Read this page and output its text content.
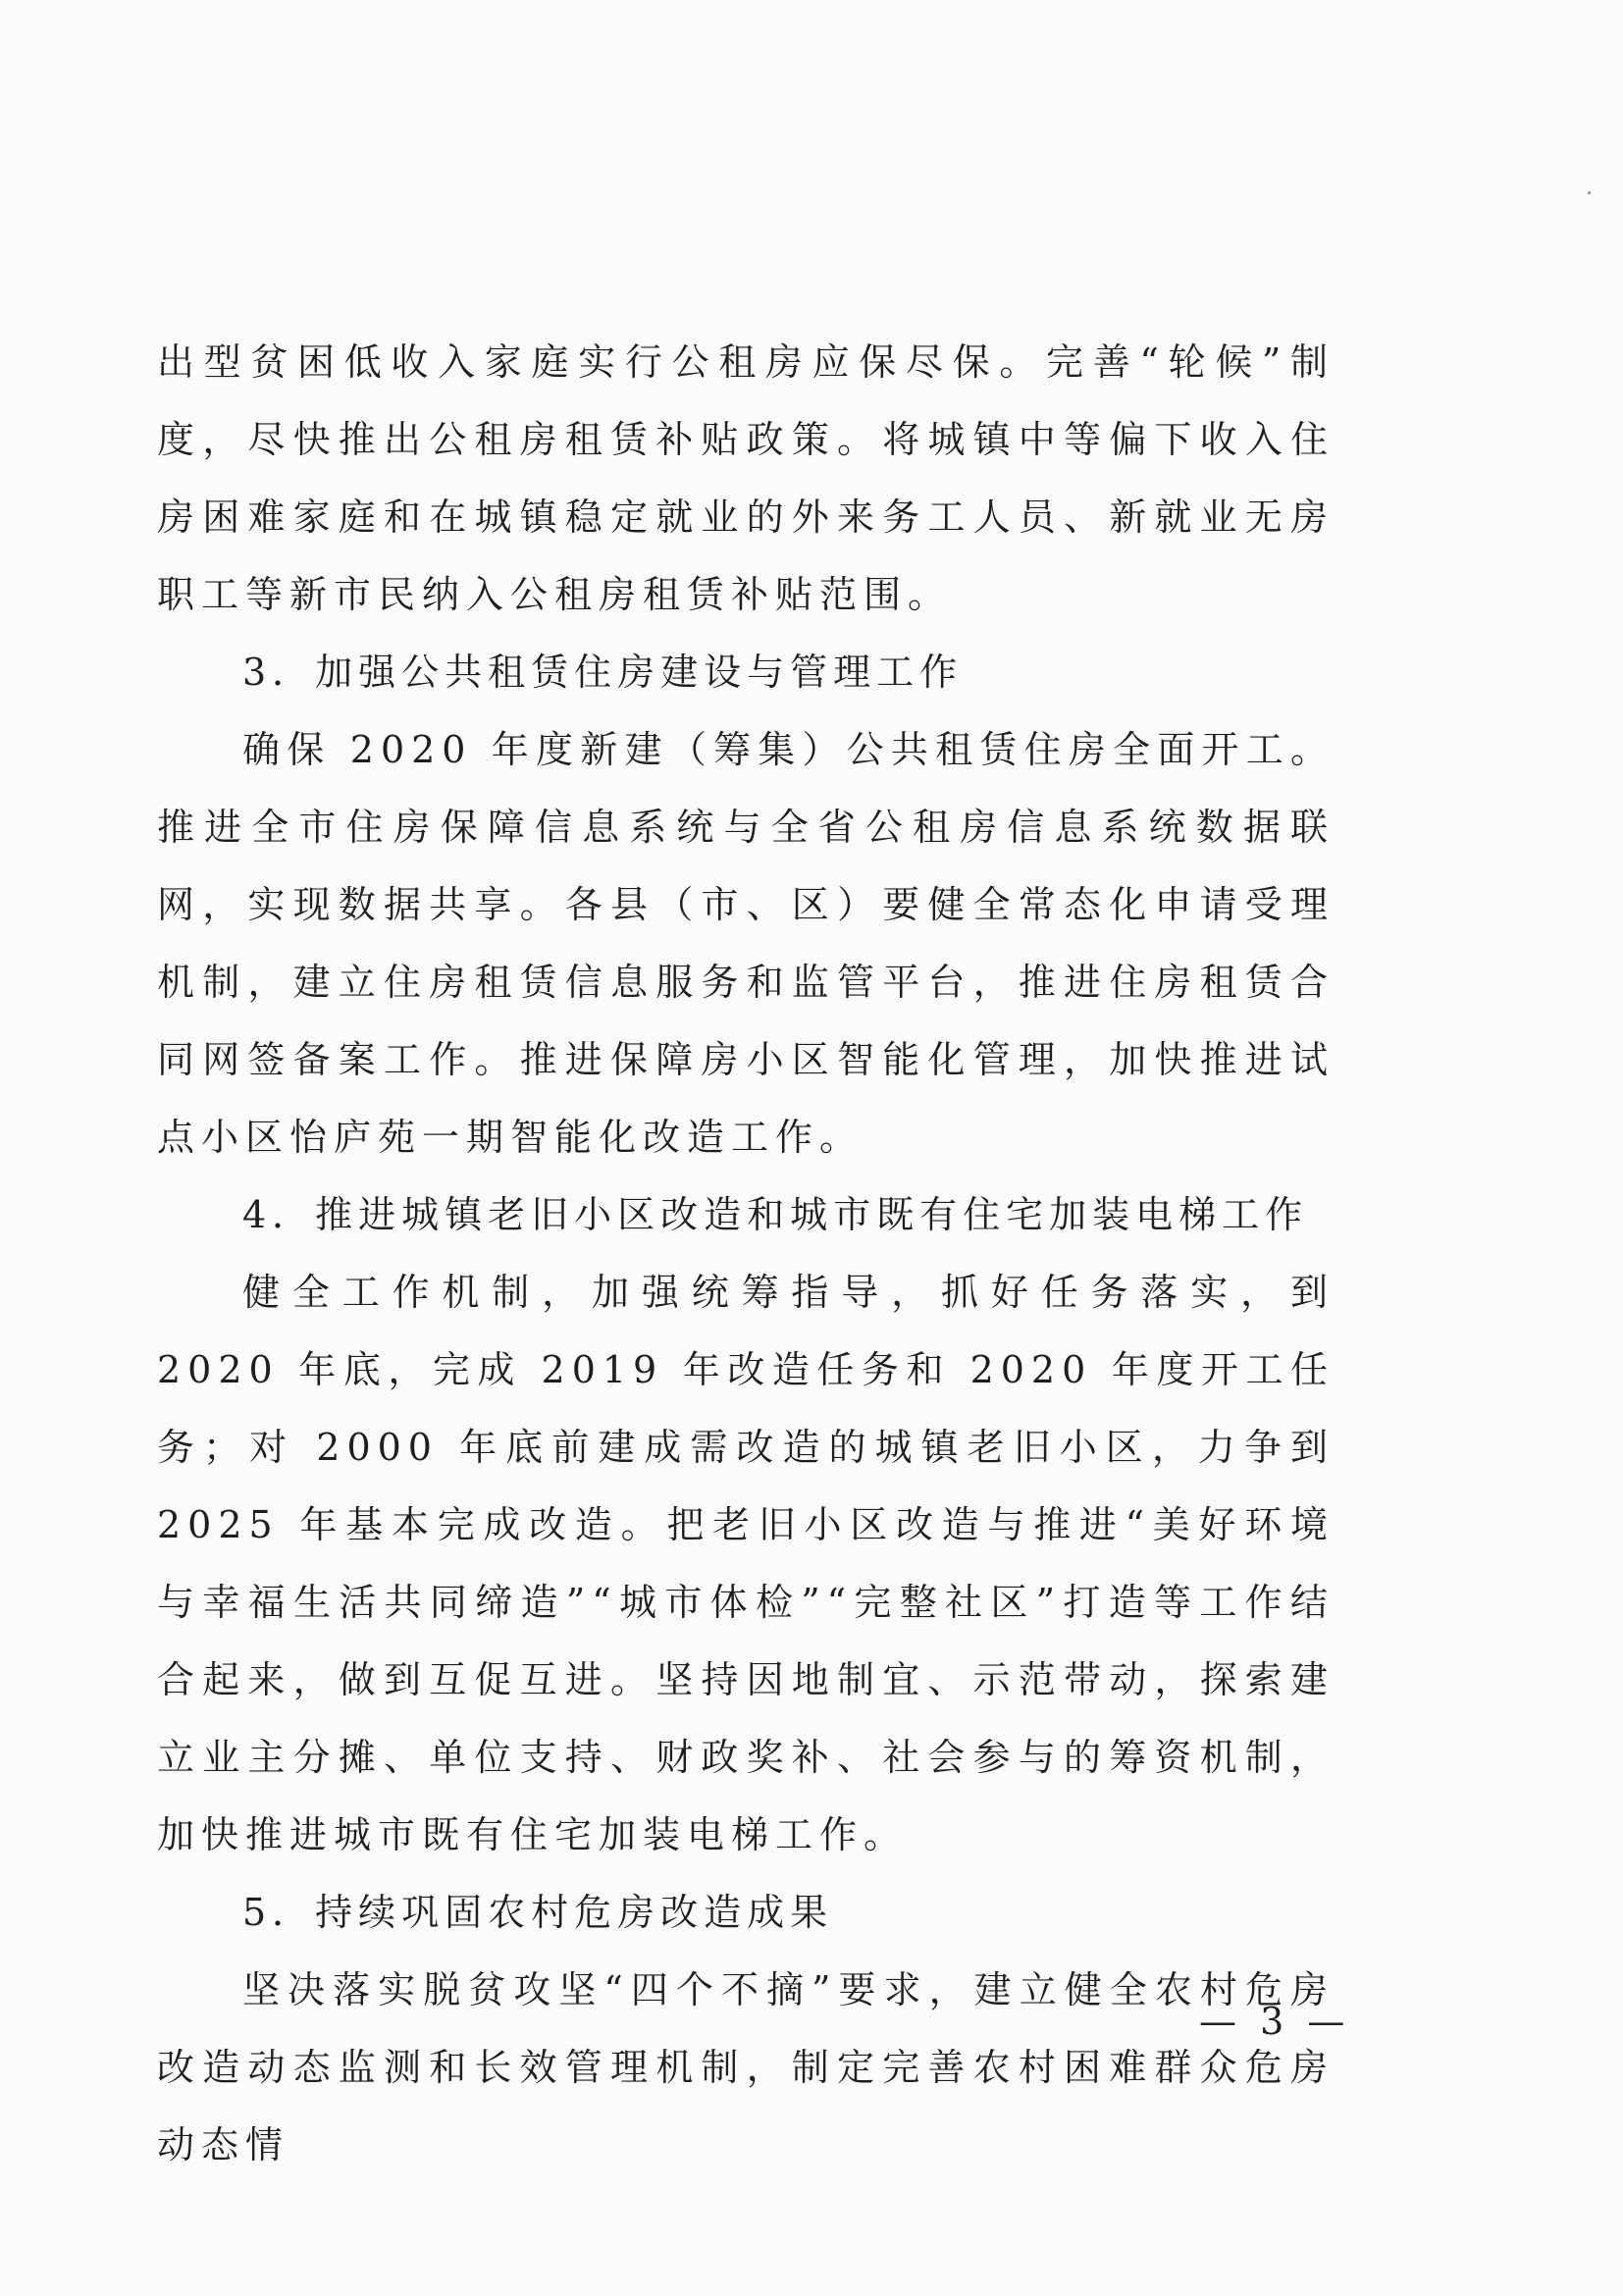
出型贫困低收入家庭实行公租房应保尽保。完善“轮候”制度，尽快推出公租房租赁补贴政策。将城镇中等偏下收入住房困难家庭和在城镇稳定就业的外来务工人员、新就业无房职工等新市民纳入公租房租赁补贴范围。

3．加强公共租赁住房建设与管理工作

确保 2020 年度新建（筹集）公共租赁住房全面开工。推进全市住房保障信息系统与全省公租房信息系统数据联网，实现数据共享。各县（市、区）要健全常态化申请受理机制，建立住房租赁信息服务和监管平台，推进住房租赁合同网签备案工作。推进保障房小区智能化管理，加快推进试点小区怡庐苑一期智能化改造工作。

4．推进城镇老旧小区改造和城市既有住宅加装电梯工作

健全工作机制，加强统筹指导，抓好任务落实，到 2020 年底，完成 2019 年改造任务和 2020 年度开工任务；对 2000 年底前建成需改造的城镇老旧小区，力争到 2025 年基本完成改造。把老旧小区改造与推进“美好环境与幸福生活共同缔造”“城市体检”“完整社区”打造等工作结合起来，做到互促互进。坚持因地制宜、示范带动，探索建立业主分摊、单位支持、财政奖补、社会参与的筹资机制，加快推进城市既有住宅加装电梯工作。

5．持续巩固农村危房改造成果

坚决落实脱贫攻坚“四个不摘”要求，建立健全农村危房改造动态监测和长效管理机制，制定完善农村困难群众危房动态情

— 3 —
